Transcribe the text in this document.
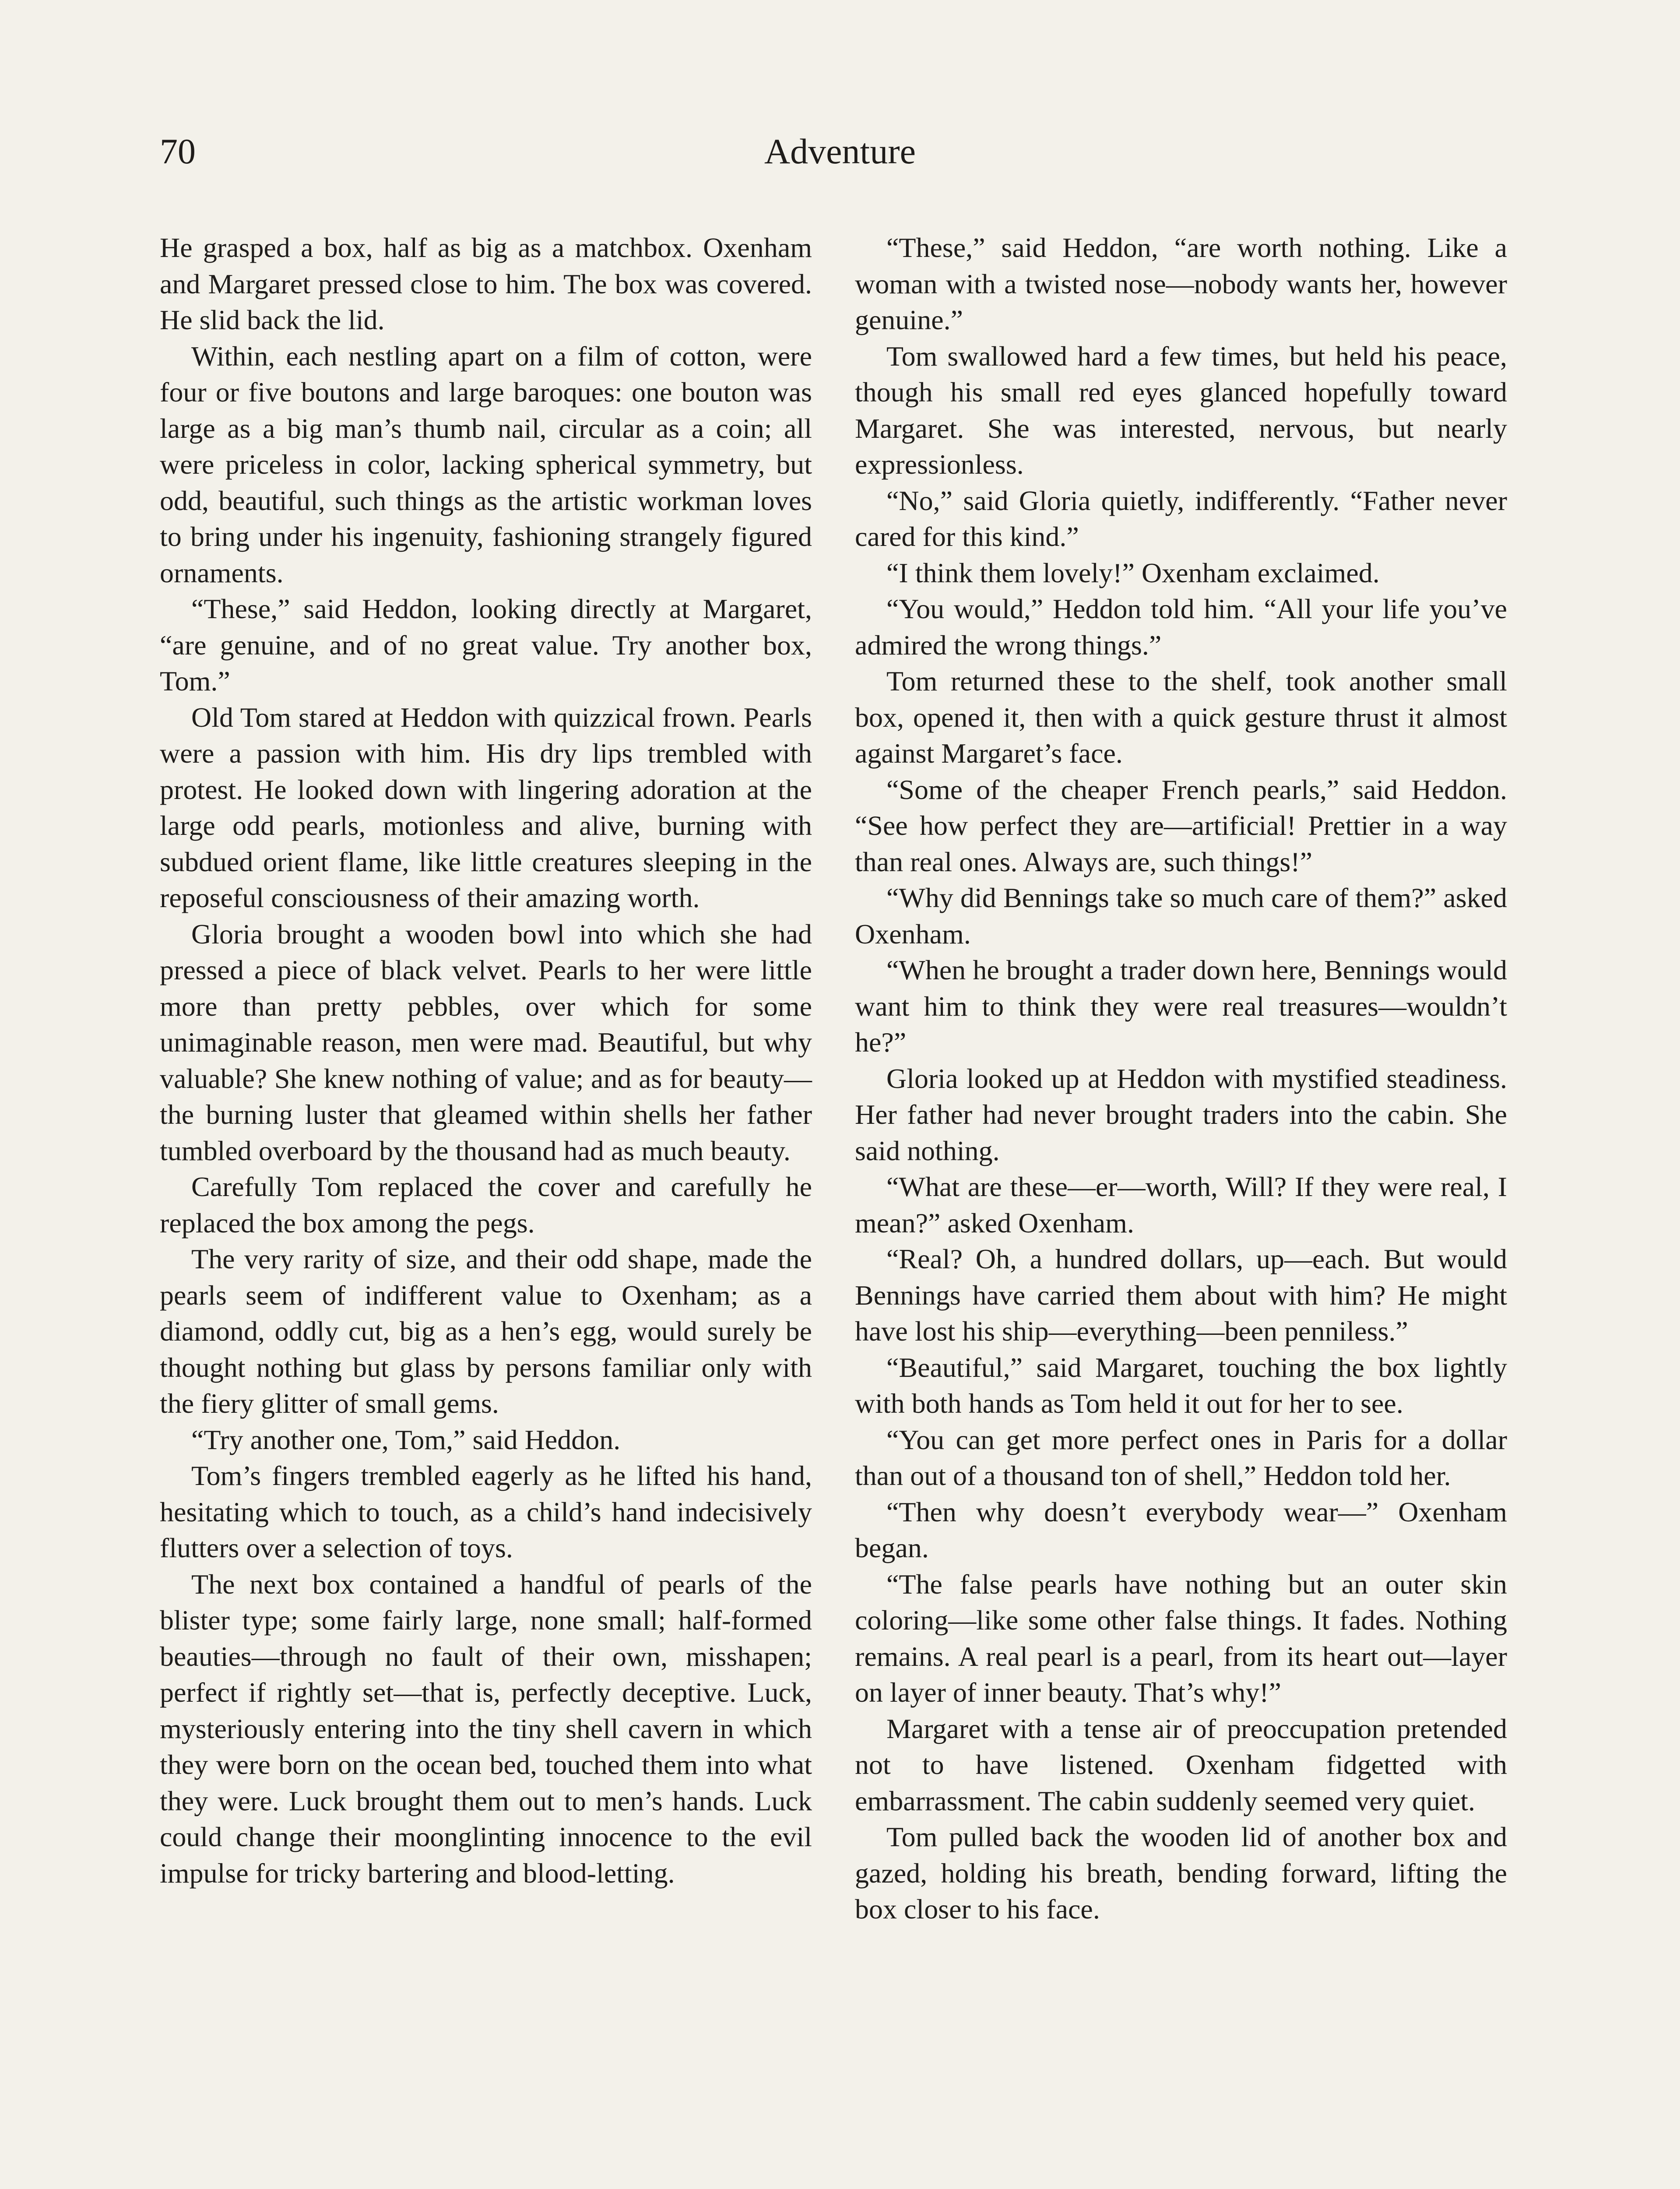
70	Adventure

He grasped a box, half as big as a matchbox. Oxenham and Margaret pressed close to him. The box was covered. He slid back the lid.

Within, each nestling apart on a film of cotton, were four or five boutons and large baroques: one bouton was large as a big man’s thumb nail, circular as a coin; all were priceless in color, lacking spherical symmetry, but odd, beautiful, such things as the artistic workman loves to bring under his ingenuity, fashioning strangely figured ornaments.

“These,” said Heddon, looking directly at Margaret, “are genuine, and of no great value. Try another box, Tom.”

Old Tom stared at Heddon with quizzical frown. Pearls were a passion with him. His dry lips trembled with protest. He looked down with lingering adoration at the large odd pearls, motionless and alive, burning with subdued orient flame, like little creatures sleeping in the reposeful consciousness of their amazing worth.

Gloria brought a wooden bowl into which she had pressed a piece of black velvet. Pearls to her were little more than pretty pebbles, over which for some unimaginable reason, men were mad. Beautiful, but why valuable? She knew nothing of value; and as for beauty—the burning luster that gleamed within shells her father tumbled overboard by the thousand had as much beauty.

Carefully Tom replaced the cover and carefully he replaced the box among the pegs.

The very rarity of size, and their odd shape, made the pearls seem of indifferent value to Oxenham; as a diamond, oddly cut, big as a hen’s egg, would surely be thought nothing but glass by persons familiar only with the fiery glitter of small gems.

“Try another one, Tom,” said Heddon.

Tom’s fingers trembled eagerly as he lifted his hand, hesitating which to touch, as a child’s hand indecisively flutters over a selection of toys.

The next box contained a handful of pearls of the blister type; some fairly large, none small; half-formed beauties—through no fault of their own, misshapen; perfect if rightly set—that is, perfectly deceptive. Luck, mysteriously entering into the tiny shell cavern in which they were born on the ocean bed, touched them into what they were. Luck brought them out to men’s hands. Luck could change their moonglinting innocence to the evil impulse for tricky bartering and blood-letting.

“These,” said Heddon, “are worth nothing. Like a woman with a twisted nose—nobody wants her, however genuine.”

Tom swallowed hard a few times, but held his peace, though his small red eyes glanced hopefully toward Margaret. She was interested, nervous, but nearly expressionless.

“No,” said Gloria quietly, indifferently. “Father never cared for this kind.”

“I think them lovely!” Oxenham exclaimed.

“You would,” Heddon told him. “All your life you’ve admired the wrong things.”

Tom returned these to the shelf, took another small box, opened it, then with a quick gesture thrust it almost against Margaret’s face.

“Some of the cheaper French pearls,” said Heddon. “See how perfect they are—artificial! Prettier in a way than real ones. Always are, such things!”

“Why did Bennings take so much care of them?” asked Oxenham.

“When he brought a trader down here, Bennings would want him to think they were real treasures—wouldn’t he?”

Gloria looked up at Heddon with mystified steadiness. Her father had never brought traders into the cabin. She said nothing.

“What are these—er—worth, Will? If they were real, I mean?” asked Oxenham.

“Real? Oh, a hundred dollars, up—each. But would Bennings have carried them about with him? He might have lost his ship—everything—been penniless.”

“Beautiful,” said Margaret, touching the box lightly with both hands as Tom held it out for her to see.

“You can get more perfect ones in Paris for a dollar than out of a thousand ton of shell,” Heddon told her.

“Then why doesn’t everybody wear—” Oxenham began.

“The false pearls have nothing but an outer skin coloring—like some other false things. It fades. Nothing remains. A real pearl is a pearl, from its heart out—layer on layer of inner beauty. That’s why!”

Margaret with a tense air of preoccupation pretended not to have listened. Oxenham fidgetted with embarrassment. The cabin suddenly seemed very quiet.

Tom pulled back the wooden lid of another box and gazed, holding his breath, bending forward, lifting the box closer to his face.
